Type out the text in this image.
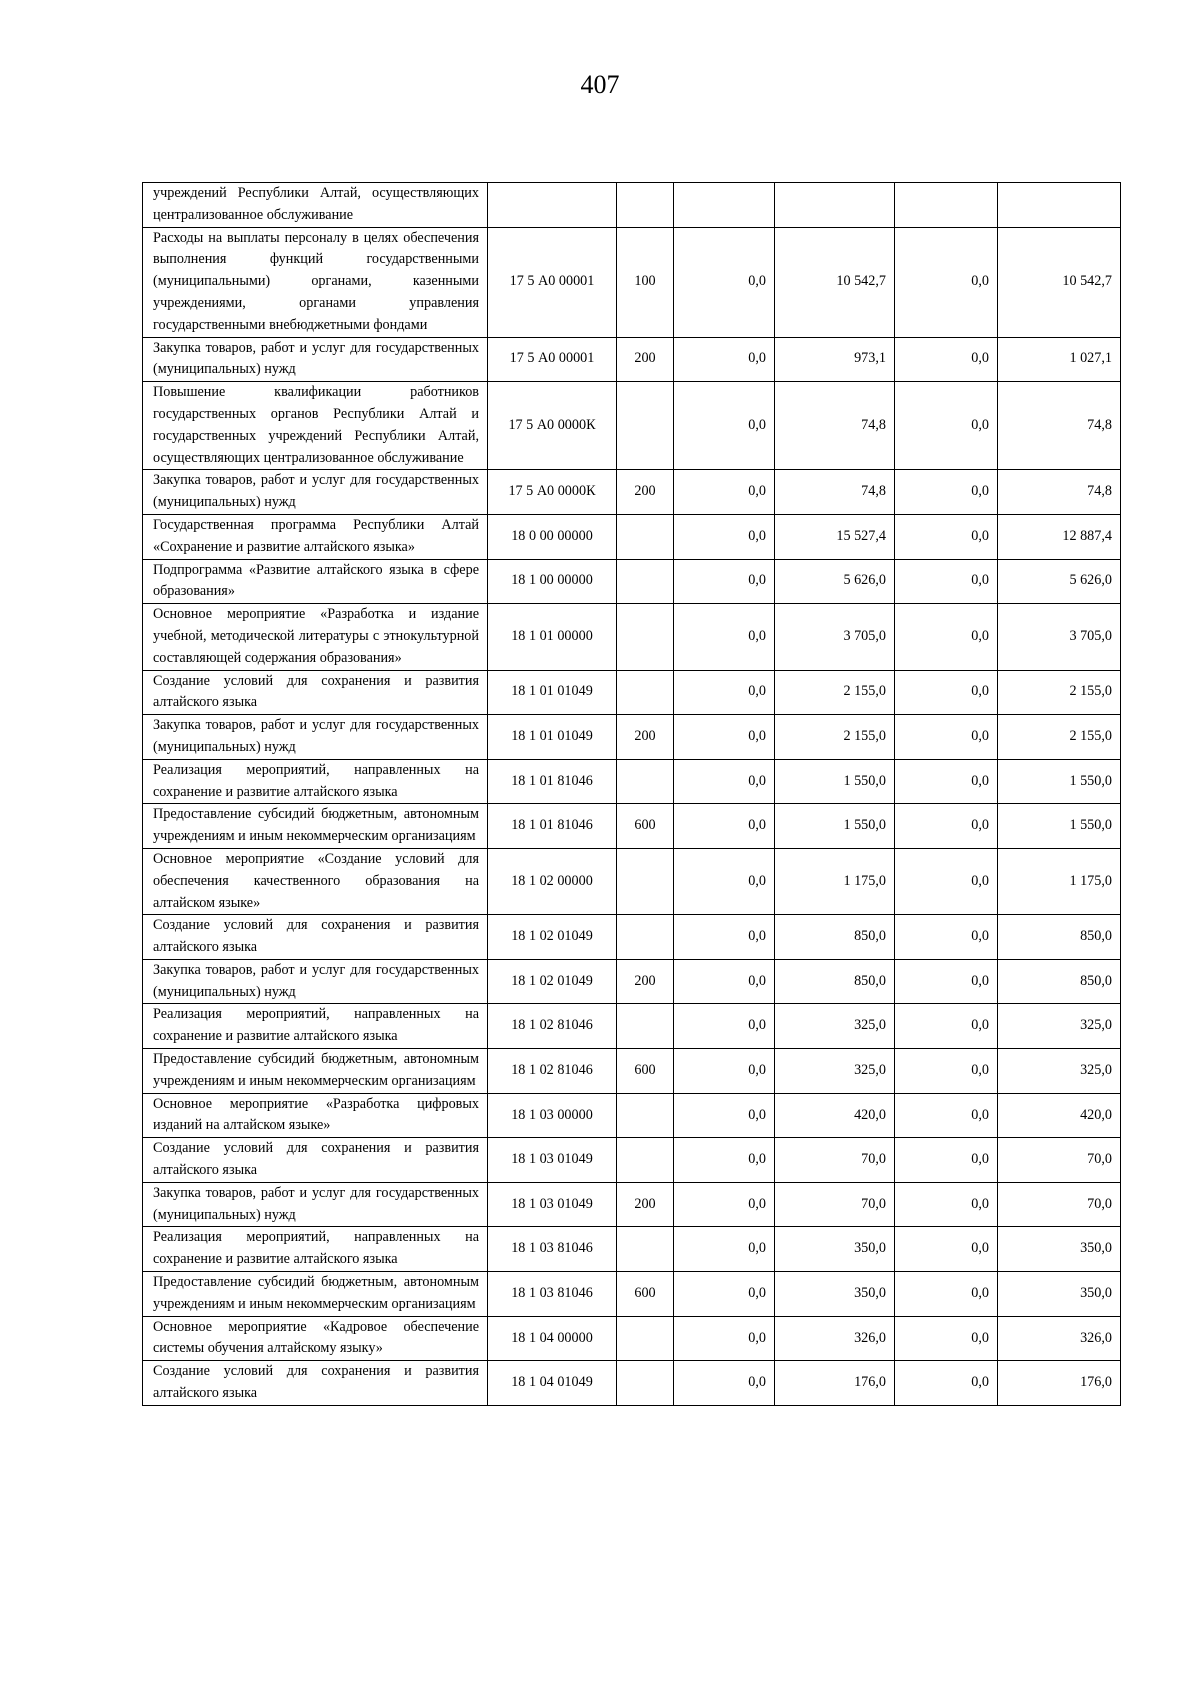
407
учреждений Республики Алтай, осуществляющих централизованное обслуживание						
Расходы на выплаты персоналу в целях обеспечения выполнения функций государственными (муниципальными) органами, казенными учреждениями, органами управления государственными внебюджетными фондами	17 5 А0 00001	100	0,0	10 542,7	0,0	10 542,7
Закупка товаров, работ и услуг для государственных (муниципальных) нужд	17 5 А0 00001	200	0,0	973,1	0,0	1 027,1
Повышение квалификации работников государственных органов Республики Алтай и государственных учреждений Республики Алтай, осуществляющих централизованное обслуживание	17 5 А0 0000К		0,0	74,8	0,0	74,8
Закупка товаров, работ и услуг для государственных (муниципальных) нужд	17 5 А0 0000К	200	0,0	74,8	0,0	74,8
Государственная программа Республики Алтай «Сохранение и развитие алтайского языка»	18 0 00 00000		0,0	15 527,4	0,0	12 887,4
Подпрограмма «Развитие алтайского языка в сфере образования»	18 1 00 00000		0,0	5 626,0	0,0	5 626,0
Основное мероприятие «Разработка и издание учебной, методической литературы с этнокультурной составляющей содержания образования»	18 1 01 00000		0,0	3 705,0	0,0	3 705,0
Создание условий для сохранения и развития алтайского языка	18 1 01 01049		0,0	2 155,0	0,0	2 155,0
Закупка товаров, работ и услуг для государственных (муниципальных) нужд	18 1 01 01049	200	0,0	2 155,0	0,0	2 155,0
Реализация мероприятий, направленных на сохранение и развитие алтайского языка	18 1 01 81046		0,0	1 550,0	0,0	1 550,0
Предоставление субсидий бюджетным, автономным учреждениям и иным некоммерческим организациям	18 1 01 81046	600	0,0	1 550,0	0,0	1 550,0
Основное мероприятие «Создание условий для обеспечения качественного образования на алтайском языке»	18 1 02 00000		0,0	1 175,0	0,0	1 175,0
Создание условий для сохранения и развития алтайского языка	18 1 02 01049		0,0	850,0	0,0	850,0
Закупка товаров, работ и услуг для государственных (муниципальных) нужд	18 1 02 01049	200	0,0	850,0	0,0	850,0
Реализация мероприятий, направленных на сохранение и развитие алтайского языка	18 1 02 81046		0,0	325,0	0,0	325,0
Предоставление субсидий бюджетным, автономным учреждениям и иным некоммерческим организациям	18 1 02 81046	600	0,0	325,0	0,0	325,0
Основное мероприятие «Разработка цифровых изданий на алтайском языке»	18 1 03 00000		0,0	420,0	0,0	420,0
Создание условий для сохранения и развития алтайского языка	18 1 03 01049		0,0	70,0	0,0	70,0
Закупка товаров, работ и услуг для государственных (муниципальных) нужд	18 1 03 01049	200	0,0	70,0	0,0	70,0
Реализация мероприятий, направленных на сохранение и развитие алтайского языка	18 1 03 81046		0,0	350,0	0,0	350,0
Предоставление субсидий бюджетным, автономным учреждениям и иным некоммерческим организациям	18 1 03 81046	600	0,0	350,0	0,0	350,0
Основное мероприятие «Кадровое обеспечение системы обучения алтайскому языку»	18 1 04 00000		0,0	326,0	0,0	326,0
Создание условий для сохранения и развития алтайского языка	18 1 04 01049		0,0	176,0	0,0	176,0
